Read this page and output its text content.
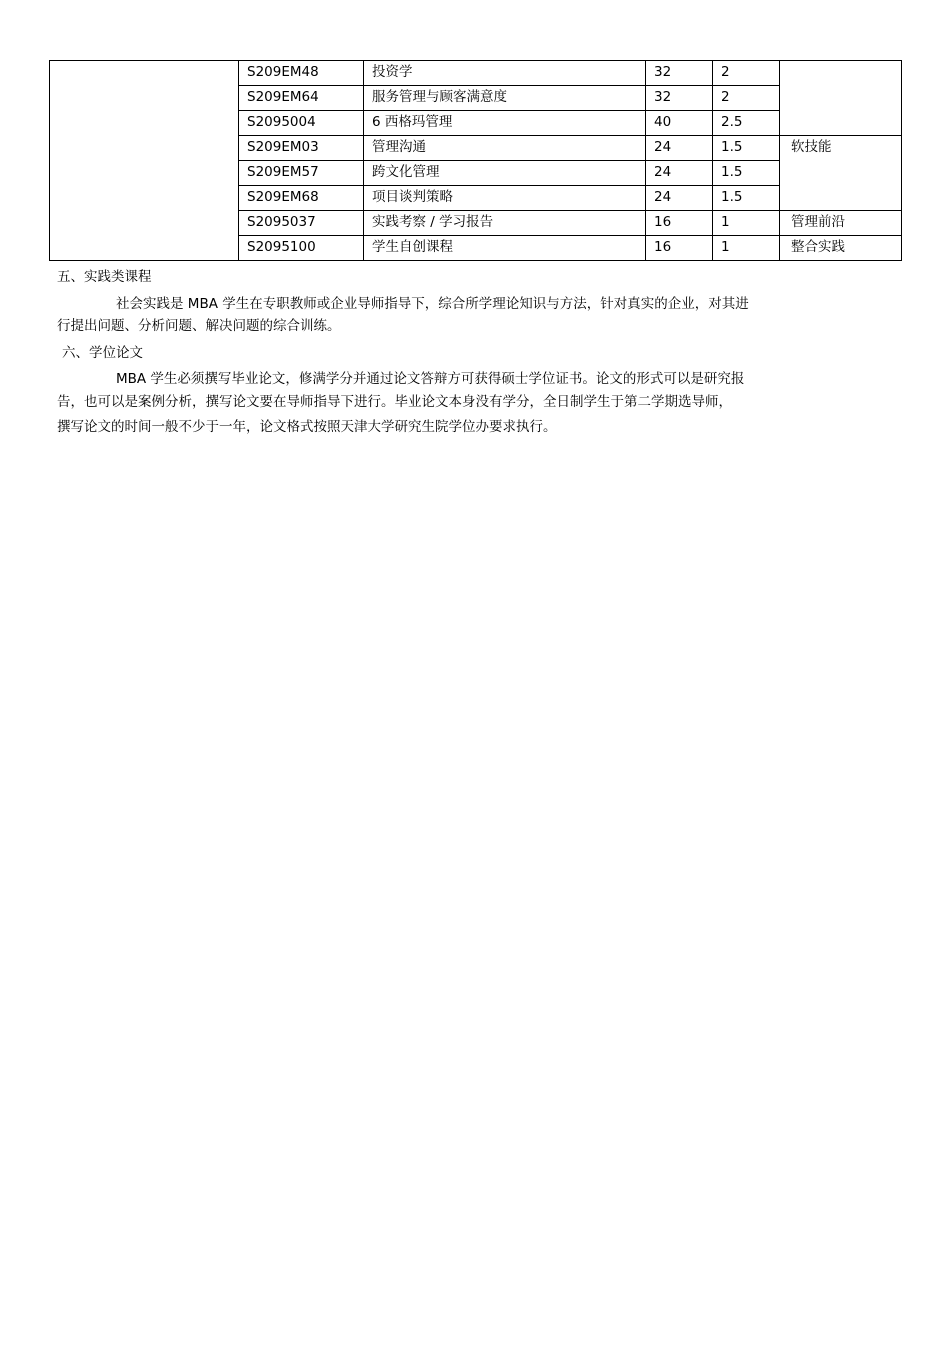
	S209EM48	投资学	32	2	
	S209EM64	服务管理与顾客满意度	32	2	
	S2095004	6 西格玛管理	40	2.5	
	S209EM03	管理沟通	24	1.5	软技能
	S209EM57	跨文化管理	24	1.5	
	S209EM68	项目谈判策略	24	1.5	
	S2095037	实践考察 / 学习报告	16	1	管理前沿
	S2095100	学生自创课程	16	1	整合实践
五、实践类课程
社会实践是 MBA 学生在专职教师或企业导师指导下，综合所学理论知识与方法，针对真实的企业，对其进
行提出问题、分析问题、解决问题的综合训练。
六、学位论文
MBA 学生必须撰写毕业论文，修满学分并通过论文答辩方可获得硕士学位证书。论文的形式可以是研究报
告，也可以是案例分析，撰写论文要在导师指导下进行。毕业论文本身没有学分，全日制学生于第二学期选导师，
撰写论文的时间一般不少于一年，论文格式按照天津大学研究生院学位办要求执行。
